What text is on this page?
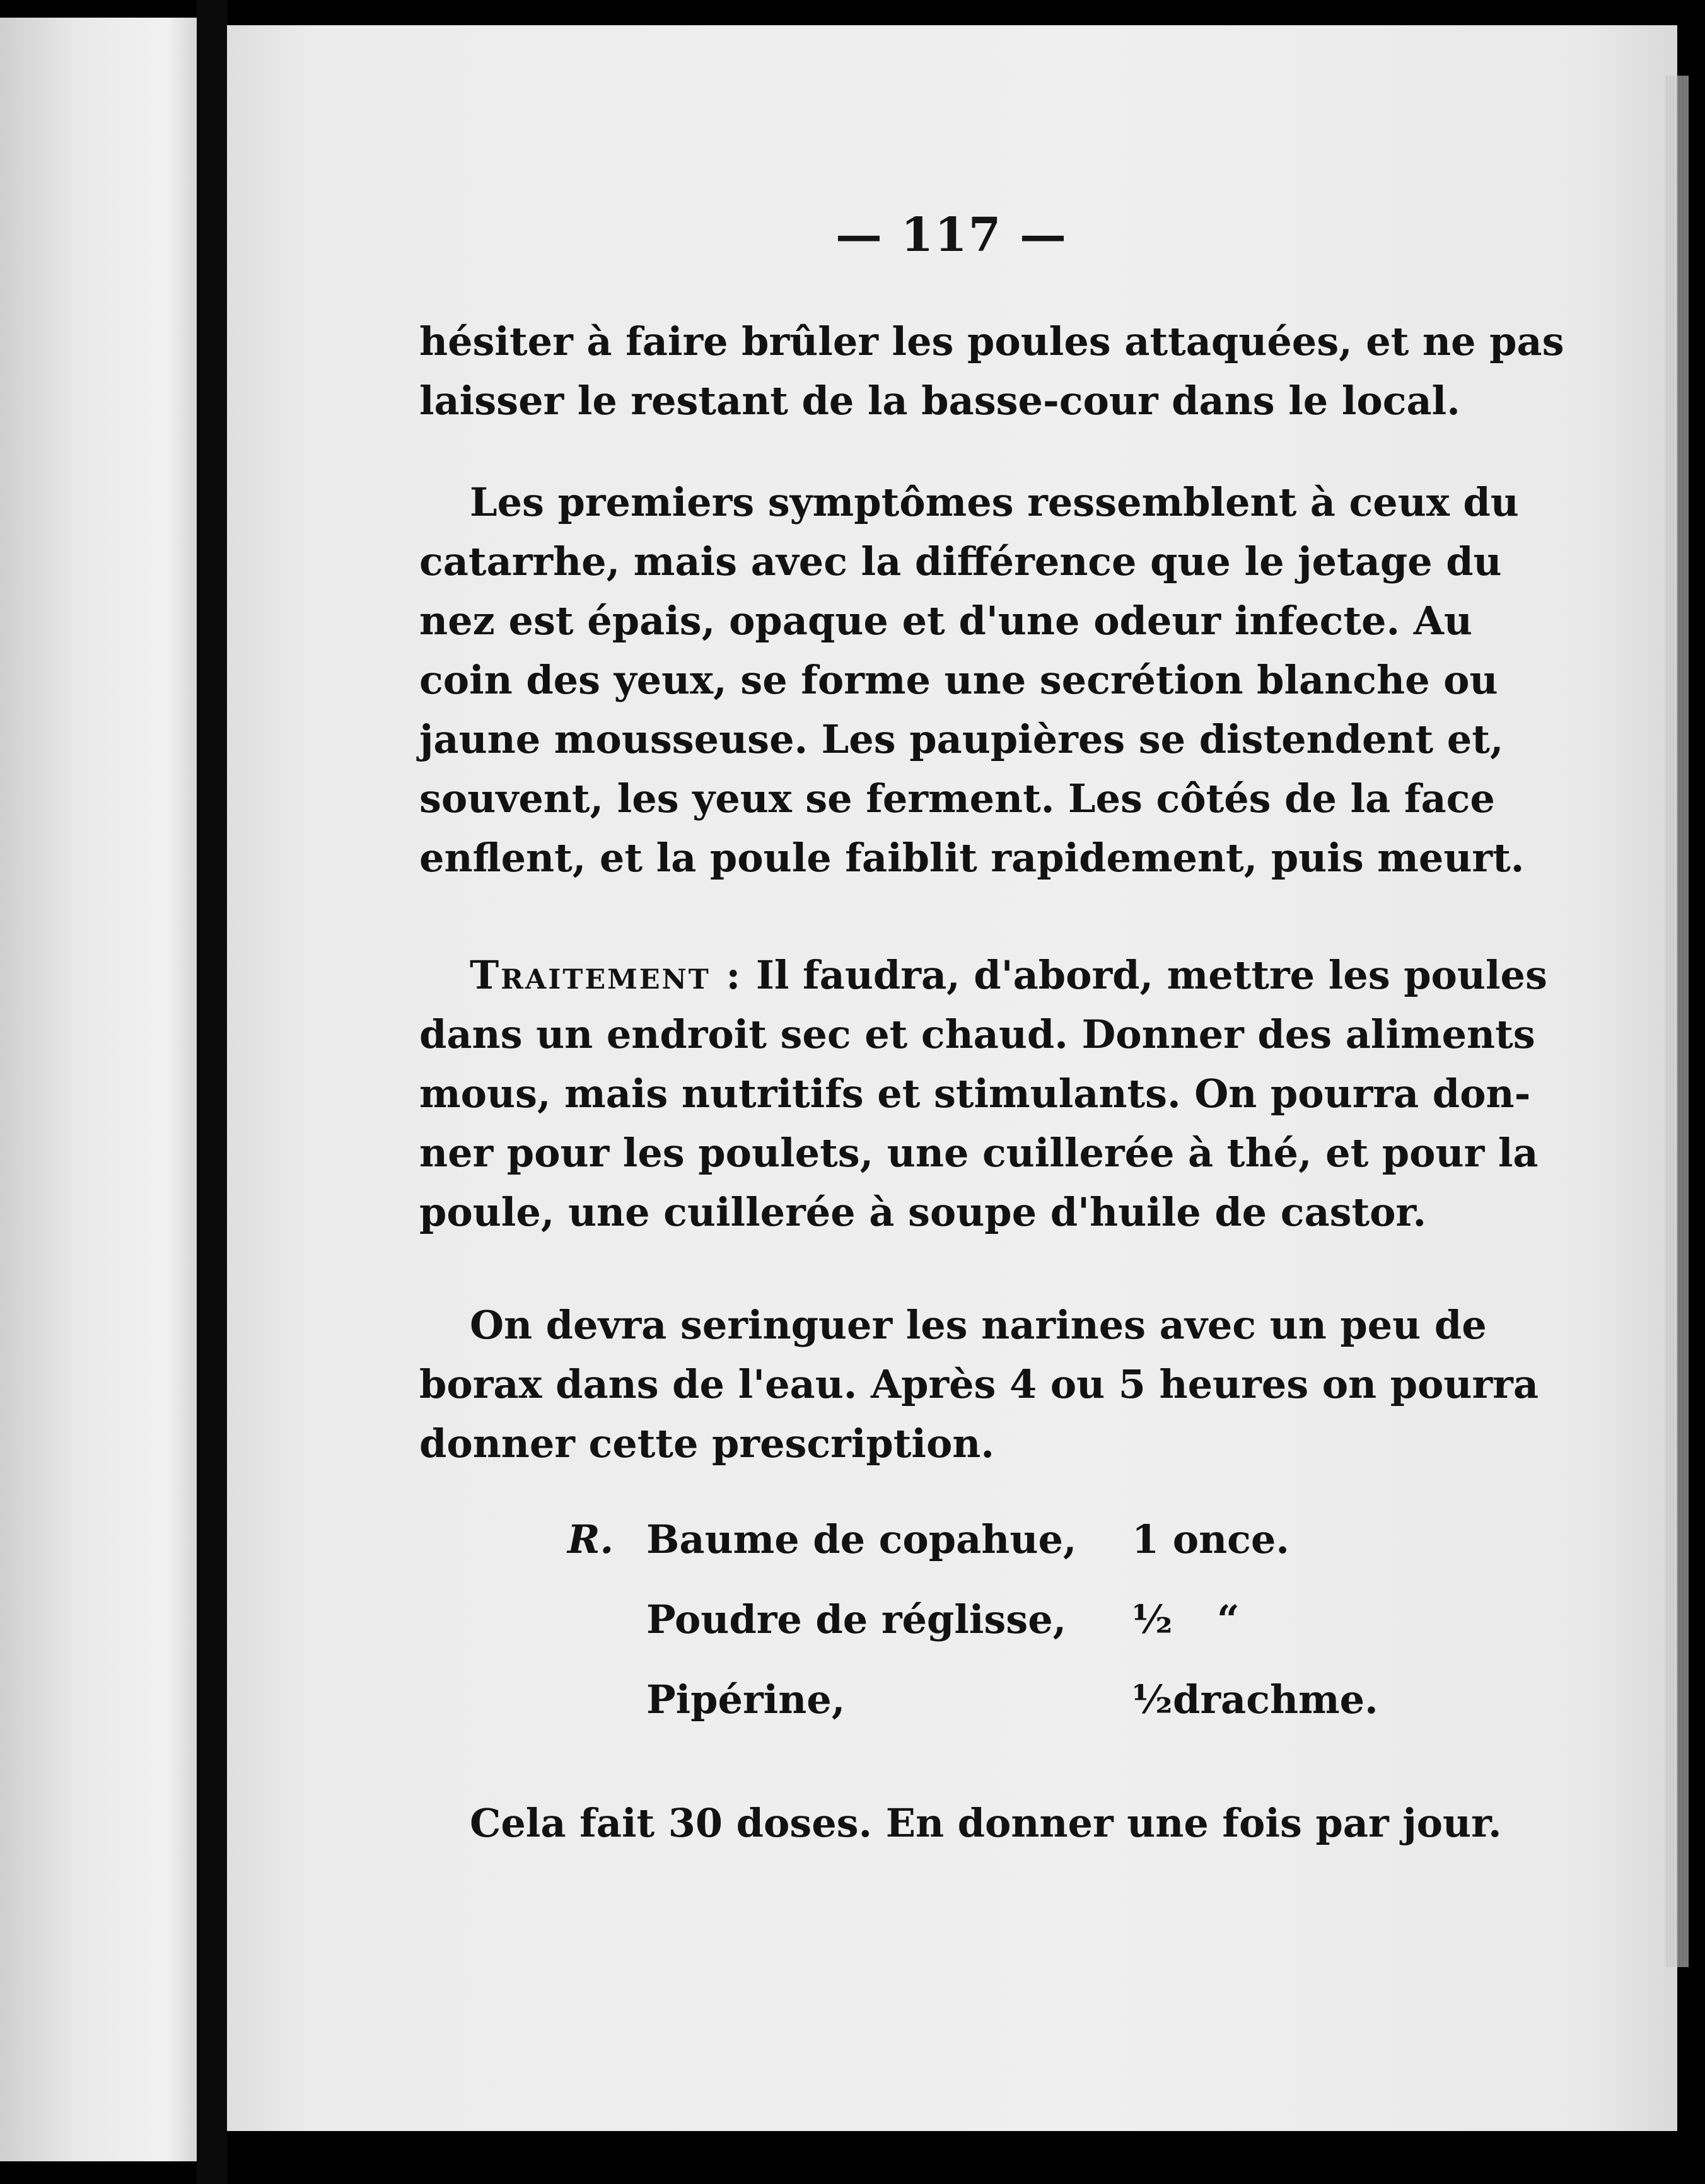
— 117 —
hésiter à faire brûler les poules attaquées, et ne pas
laisser le restant de la basse-cour dans le local.
Les premiers symptômes ressemblent à ceux du
catarrhe, mais avec la différence que le jetage du
nez est épais, opaque et d'une odeur infecte. Au
coin des yeux, se forme une secrétion blanche ou
jaune mousseuse. Les paupières se distendent et,
souvent, les yeux se ferment. Les côtés de la face
enflent, et la poule faiblit rapidement, puis meurt.
Traitement : Il faudra, d'abord, mettre les poules
dans un endroit sec et chaud. Donner des aliments
mous, mais nutritifs et stimulants. On pourra don-
ner pour les poulets, une cuillerée à thé, et pour la
poule, une cuillerée à soupe d'huile de castor.
On devra seringuer les narines avec un peu de
borax dans de l'eau. Après 4 ou 5 heures on pourra
donner cette prescription.
R. Baume de copahue, 1 once.
Poudre de réglisse, ½ “
Pipérine,	½ drachme.
Cela fait 30 doses. En donner une fois par jour.
